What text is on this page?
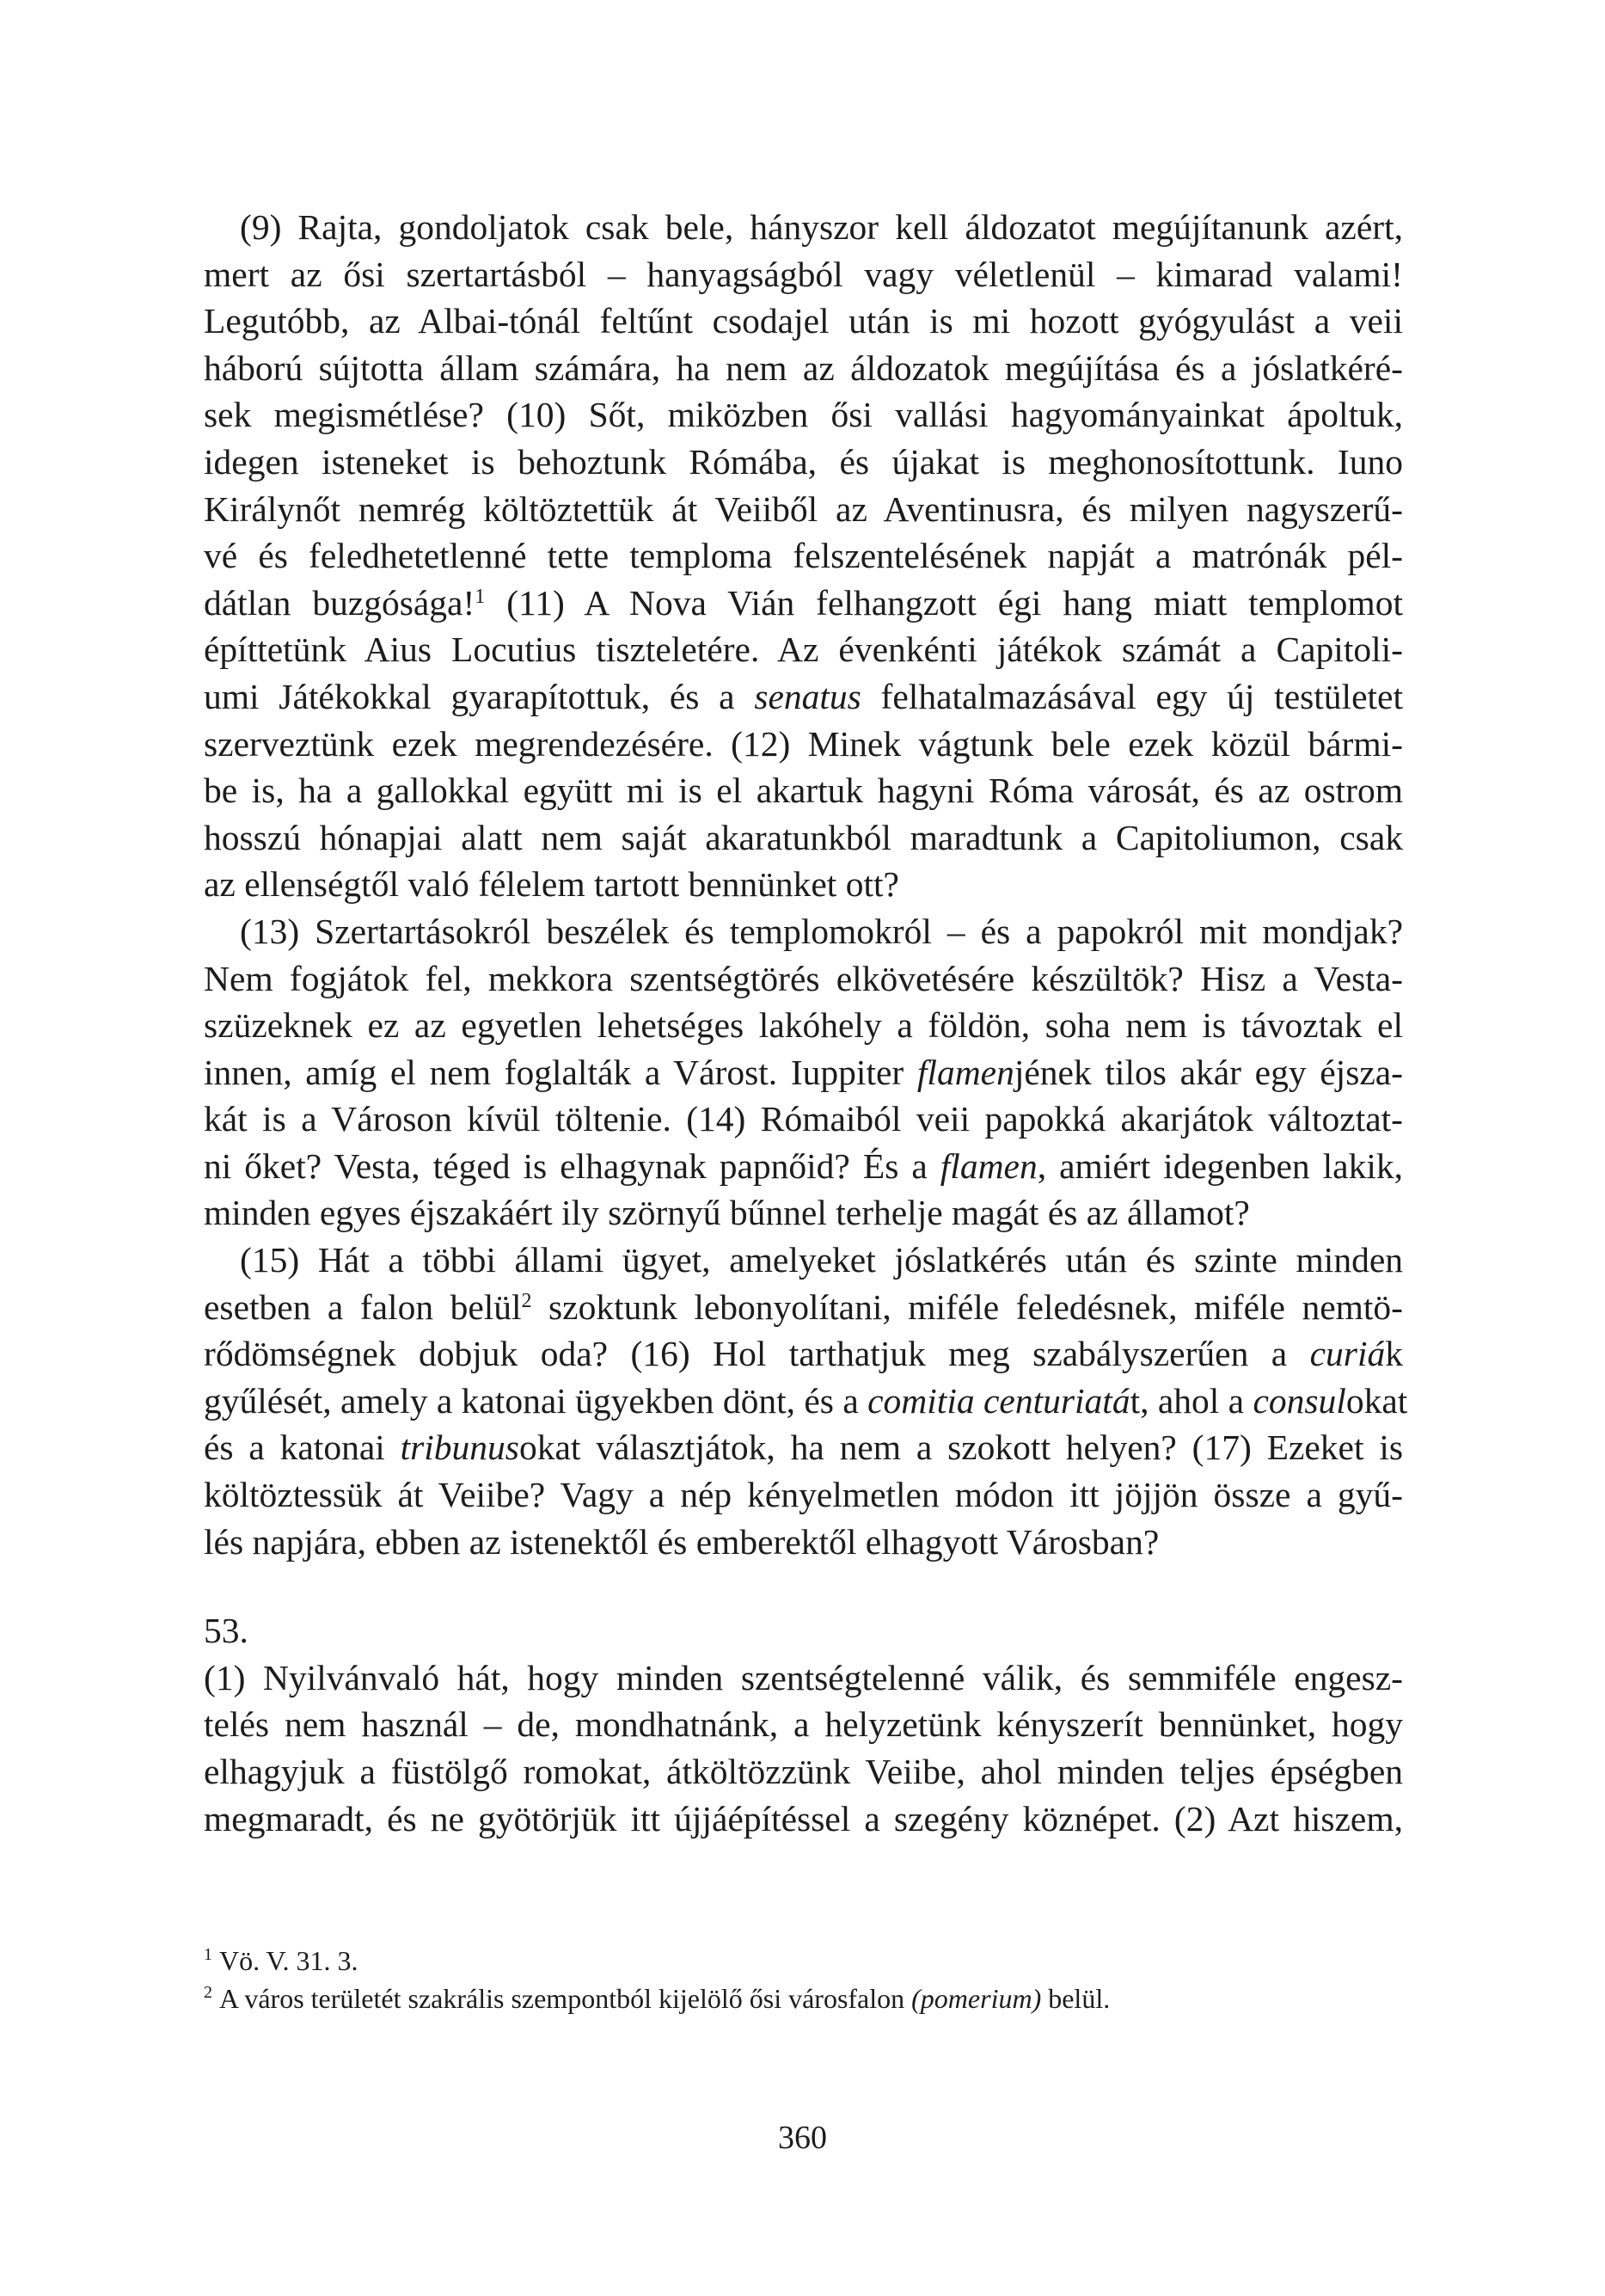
(9) Rajta, gondoljatok csak bele, hányszor kell áldozatot megújítanunk azért,
mert az ősi szertartásból – hanyagságból vagy véletlenül – kimarad valami!
Legutóbb, az Albai-tónál feltűnt csodajel után is mi hozott gyógyulást a veii
háború sújtotta állam számára, ha nem az áldozatok megújítása és a jóslatkéré-
sek megismétlése? (10) Sőt, miközben ősi vallási hagyományainkat ápoltuk,
idegen isteneket is behoztunk Rómába, és újakat is meghonosítottunk. Iuno
Királynőt nemrég költöztettük át Veiiből az Aventinusra, és milyen nagyszerű-
vé és feledhetetlenné tette temploma felszentelésének napját a matrónák pél-
dátlan buzgósága!$^1$ (11) A Nova Vián felhangzott égi hang miatt templomot
építtetünk Aius Locutius tiszteletére. Az évenkénti játékok számát a Capitoli-
umi Játékokkal gyarapítottuk, és a senatus felhatalmazásával egy új testületet
szerveztünk ezek megrendezésére. (12) Minek vágtunk bele ezek közül bármi-
be is, ha a gallokkal együtt mi is el akartuk hagyni Róma városát, és az ostrom
hosszú hónapjai alatt nem saját akaratunkból maradtunk a Capitoliumon, csak
az ellenségtől való félelem tartott bennünket ott?
(13) Szertartásokról beszélek és templomokról – és a papokról mit mondjak?
Nem fogjátok fel, mekkora szentségtörés elkövetésére készültök? Hisz a Vesta-
szüzeknek ez az egyetlen lehetséges lakóhely a földön, soha nem is távoztak el
innen, amíg el nem foglalták a Várost. Iuppiter flamenjének tilos akár egy éjsza-
kát is a Városon kívül töltenie. (14) Rómaiból veii papokká akarjátok változtat-
ni őket? Vesta, téged is elhagynak papnőid? És a flamen, amiért idegenben lakik,
minden egyes éjszakáért ily szörnyű bűnnel terhelje magát és az államot?
(15) Hát a többi állami ügyet, amelyeket jóslatkérés után és szinte minden
esetben a falon belül$^2$ szoktunk lebonyolítani, miféle feledésnek, miféle nemtö-
rődömségnek dobjuk oda? (16) Hol tarthatjuk meg szabályszerűen a curiák
gyűlését, amely a katonai ügyekben dönt, és a comitia centuriatát, ahol a consulokat
és a katonai tribunusokat választjátok, ha nem a szokott helyen? (17) Ezeket is
költöztessük át Veiibe? Vagy a nép kényelmetlen módon itt jöjjön össze a gyű-
lés napjára, ebben az istenektől és emberektől elhagyott Városban?
53.
(1) Nyilvánvaló hát, hogy minden szentségtelenné válik, és semmiféle engesz-
telés nem használ – de, mondhatnánk, a helyzetünk kényszerít bennünket, hogy
elhagyjuk a füstölgő romokat, átköltözzünk Veiibe, ahol minden teljes épségben
megmaradt, és ne gyötörjük itt újjáépítéssel a szegény köznépet. (2) Azt hiszem,
$^1$ Vö. V. 31. 3.
$^2$ A város területét szakrális szempontból kijelölő ősi városfalon (pomerium) belül.
360
